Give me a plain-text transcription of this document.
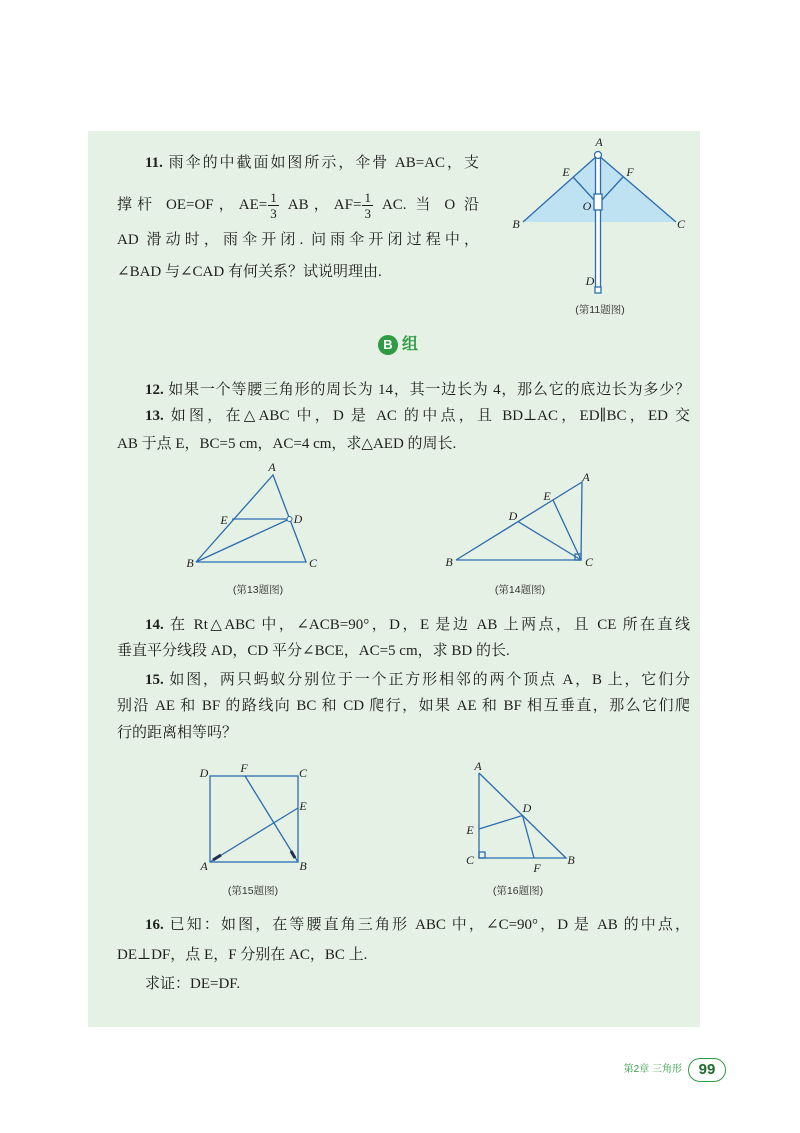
11. 雨伞的中截面如图所示，伞骨 AB=AC，支
撑杆 OE=OF，$AE= \frac{1}{3}$ AB，$AF= \frac{1}{3}$ AC. 当 O 沿
AD 滑动时，雨伞开闭. 问雨伞开闭过程中，
∠BAD 与∠CAD 有何关系？试说明理由.
A
E	F
O
B	C
D
(第11题图)
B 组
12. 如果一个等腰三角形的周长为 14，其一边长为 4，那么它的底边长为多少？
13. 如图，在△ABC 中，D 是 AC 的中点，且 BD⊥AC，ED∥BC，ED 交
AB 于点 E，BC=5 cm，AC=4 cm，求△AED 的周长.
A
E	D
B	C
(第13题图)
A
E
D
B	C
(第14题图)
14. 在 Rt△ABC 中，∠ACB=90°，D，E 是边 AB 上两点，且 CE 所在直线
垂直平分线段 AD，CD 平分∠BCE，AC=5 cm，求 BD 的长.
15. 如图，两只蚂蚁分别位于一个正方形相邻的两个顶点 A，B 上，它们分
别沿 AE 和 BF 的路线向 BC 和 CD 爬行，如果 AE 和 BF 相互垂直，那么它们爬
行的距离相等吗？
D	F	C
E
A	B
(第15题图)
A
D
E
C
F
B
(第16题图)
16. 已知：如图，在等腰直角三角形 ABC 中，∠C=90°，D 是 AB 的中点，
DE⊥DF，点 E，F 分别在 AC，BC 上.
求证：DE=DF.
第2章 三角形	99
